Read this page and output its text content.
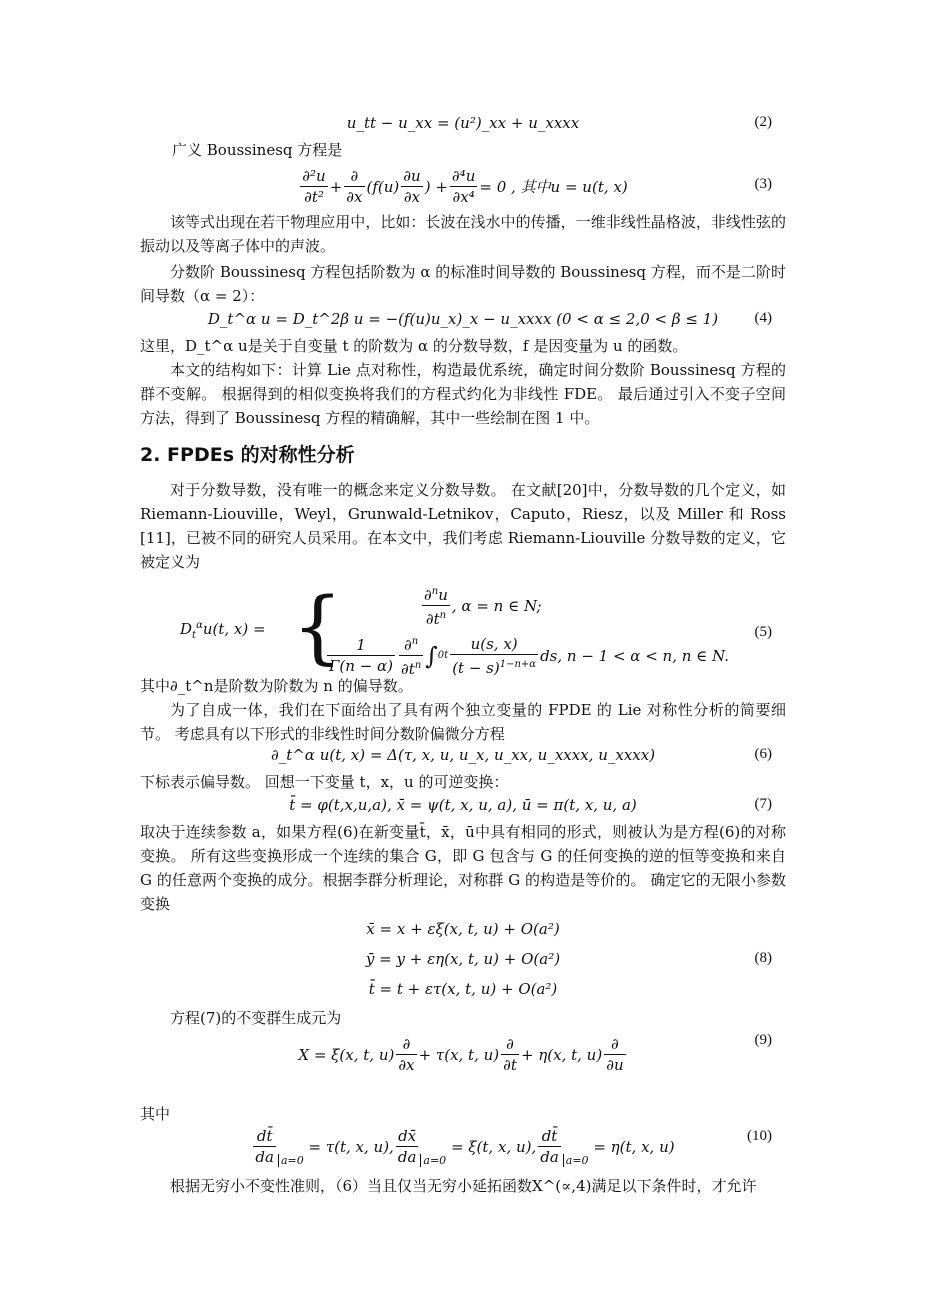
u_tt − u_xx = (u²)_xx + u_xxxx	(2)

广义 Boussinesq 方程是

$\frac{\text{∂²u}}{\text{∂t²}} + \frac{\partial}{\partial x} (f(u) \frac{\partial u}{\partial x}$ ) + $\frac{\text{∂⁴u}}{\text{∂x⁴}} = 0$ , 其中u = u(t, x)	(3)

该等式出现在若干物理应用中，比如：长波在浅水中的传播，一维非线性晶格波，非线性弦的振动以及等离子体中的声波。

分数阶 Boussinesq 方程包括阶数为 α 的标准时间导数的 Boussinesq 方程，而不是二阶时间导数（α = 2）：

D_t^α u = D_t^2β u = −(f(u)u_x)_x − u_xxxx (0 < α ≤ 2,0 < β ≤ 1) (4)

这里，D_t^α u是关于自变量 t 的阶数为 α 的分数导数，f 是因变量为 u 的函数。

本文的结构如下：计算 Lie 点对称性，构造最优系统，确定时间分数阶 Boussinesq 方程的群不变解。 根据得到的相似变换将我们的方程式约化为非线性 FDE。 最后通过引入不变子空间方法，得到了 Boussinesq 方程的精确解，其中一些绘制在图 1 中。

2. FPDEs 的对称性分析

对于分数导数，没有唯一的概念来定义分数导数。 在文献[20]中，分数导数的几个定义，如 Riemann-Liouville，Weyl，Grunwald-Letnikov，Caputo，Riesz，以及 Miller 和 Ross [11]，已被不同的研究人员采用。在本文中，我们考虑 Riemann-Liouville 分数导数的定义，它被定义为

$D_t^\alpha u(t$, x) = {	$\frac{\partial^nu}{\partial t^n}$ , α = n ∈ N;
$\frac{1}{\Gamma(n - \alpha)} \frac{\partial^n}{\partial t^n}$ ∫ 0 t $\frac{u(s, x)}{(t - s)^{1-n+\alpha}}$ ds, n − 1 < α < n, n ∈ N.
(5)

其中∂_t^n是阶数为阶数为 n 的偏导数。

为了自成一体，我们在下面给出了具有两个独立变量的 FPDE 的 Lie 对称性分析的简要细节。 考虑具有以下形式的非线性时间分数阶偏微分方程

∂_t^α u(t, x) = Δ(τ, x, u, u_x, u_xx, u_xxxx, u_xxxx)	(6)

下标表示偏导数。 回想一下变量 t，x，u 的可逆变换：

t̄ = φ(t,x,u,a), x̄ = ψ(t, x, u, a), ū = π(t, x, u, a)	(7)

取决于连续参数 a，如果方程(6)在新变量t̄，x̄，ū中具有相同的形式，则被认为是方程(6)的对称变换。 所有这些变换形成一个连续的集合 G，即 G 包含与 G 的任何变换的逆的恒等变换和来自 G 的任意两个变换的成分。根据李群分析理论，对称群 G 的构造是等价的。 确定它的无限小参数变换

x̄ = x + εξ(x, t, u) + O(a²)
ȳ = y + εη(x, t, u) + O(a²)	(8)
t̄ = t + ετ(x, t, u) + O(a²)

方程(7)的不变群生成元为

X = ξ(x, t, $u) \frac{\partial}{\partial x} + \tau(x$, t, $u) \frac{\partial}{\partial t} + \eta(x$, t, $u) \frac{\partial}{\partial u}$	(9)

其中

$\frac{dt̄}{da} a=0$
= τ(t, x, u), $\frac{dx̄}{da} a=0$
= ξ(t, x, u), $\frac{dt̄}{da} a=0$
= η(t, x, u)
(10)

根据无穷小不变性准则，（6）当且仅当无穷小延拓函数X^(∝,4)满足以下条件时，才允许
